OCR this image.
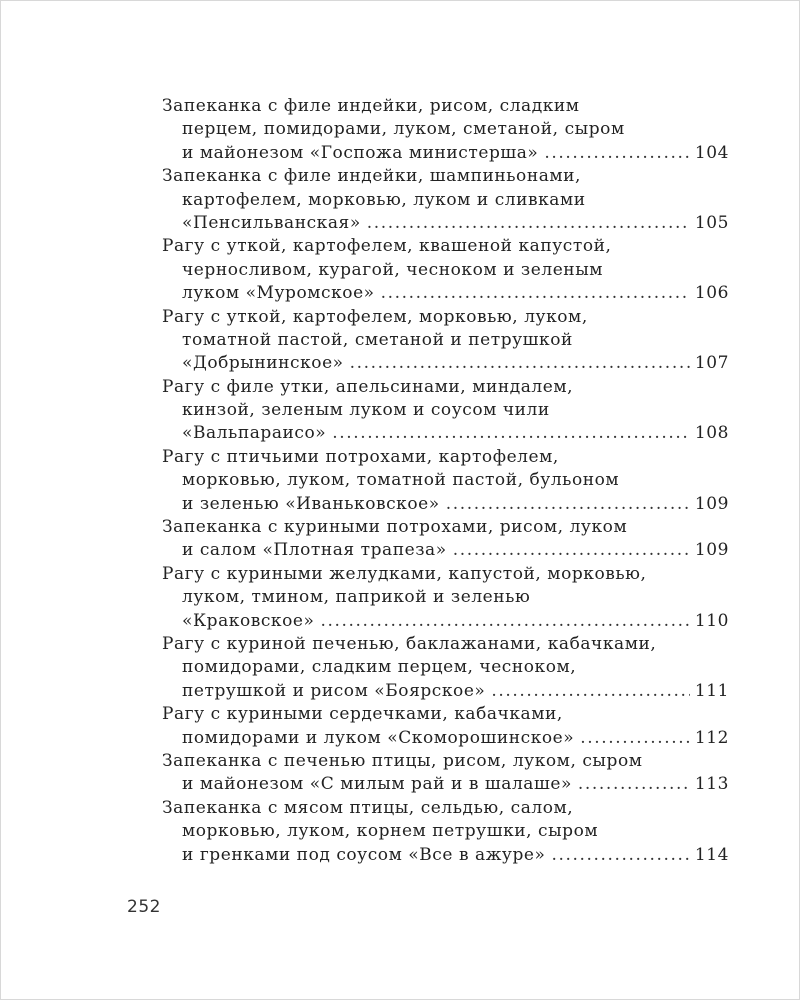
Запеканка с филе индейки, рисом, сладким
перцем, помидорами, луком, сметаной, сыром
и майонезом «Госпожа министерша» .....	104
Запеканка с филе индейки, шампиньонами,
картофелем, морковью, луком и сливками
«Пенсильванская» .....	105
Рагу с уткой, картофелем, квашеной капустой,
черносливом, курагой, чесноком и зеленым
луком «Муромское» .....	106
Рагу с уткой, картофелем, морковью, луком,
томатной пастой, сметаной и петрушкой
«Добрынинское» .....	107
Рагу с филе утки, апельсинами, миндалем,
кинзой, зеленым луком и соусом чили
«Вальпараисо» .....	108
Рагу с птичьими потрохами, картофелем,
морковью, луком, томатной пастой, бульоном
и зеленью «Иваньковское» .....	109
Запеканка с куриными потрохами, рисом, луком
и салом «Плотная трапеза» .....	109
Рагу с куриными желудками, капустой, морковью,
луком, тмином, паприкой и зеленью
«Краковское» .....	110
Рагу с куриной печенью, баклажанами, кабачками,
помидорами, сладким перцем, чесноком,
петрушкой и рисом «Боярское» .....	111
Рагу с куриными сердечками, кабачками,
помидорами и луком «Скоморошинское» .....	112
Запеканка с печенью птицы, рисом, луком, сыром
и майонезом «С милым рай и в шалаше» .....	113
Запеканка с мясом птицы, сельдью, салом,
морковью, луком, корнем петрушки, сыром
и гренками под соусом «Все в ажуре» .....	114
252
